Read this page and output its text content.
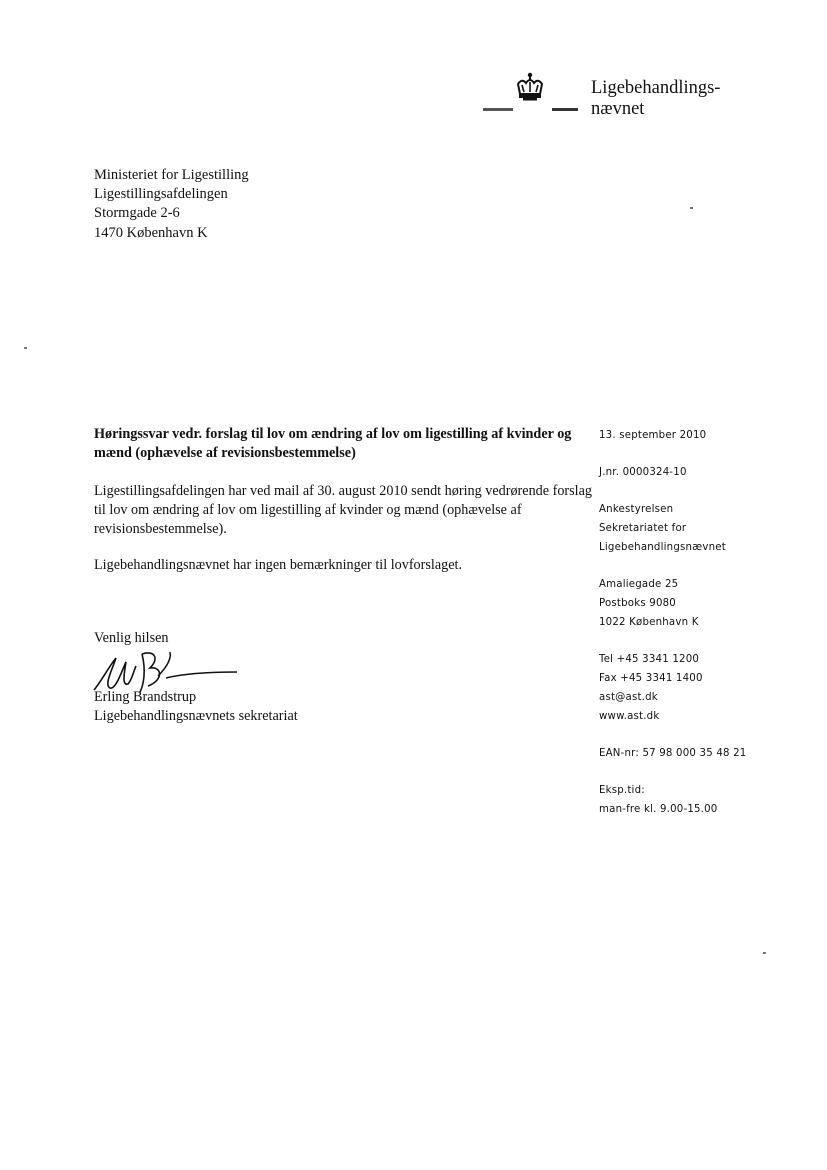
Ligebehandlings-
nævnet
Ministeriet for Ligestilling
Ligestillingsafdelingen
Stormgade 2-6
1470 København K
Høringssvar vedr. forslag til lov om ændring af lov om ligestilling af kvinder og mænd (ophævelse af revisionsbestemmelse)
Ligestillingsafdelingen har ved mail af 30. august 2010 sendt høring vedrørende forslag til lov om ændring af lov om ligestilling af kvinder og mænd (ophævelse af revisionsbestemmelse).
Ligebehandlingsnævnet har ingen bemærkninger til lovforslaget.
Venlig hilsen
Erling Brandstrup
Ligebehandlingsnævnets sekretariat
13. september 2010
J.nr. 0000324-10
Ankestyrelsen
Sekretariatet for
Ligebehandlingsnævnet
Amaliegade 25
Postboks 9080
1022 København K
Tel +45 3341 1200
Fax +45 3341 1400
ast@ast.dk
www.ast.dk
EAN-nr: 57 98 000 35 48 21
Eksp.tid:
man-fre kl. 9.00-15.00
